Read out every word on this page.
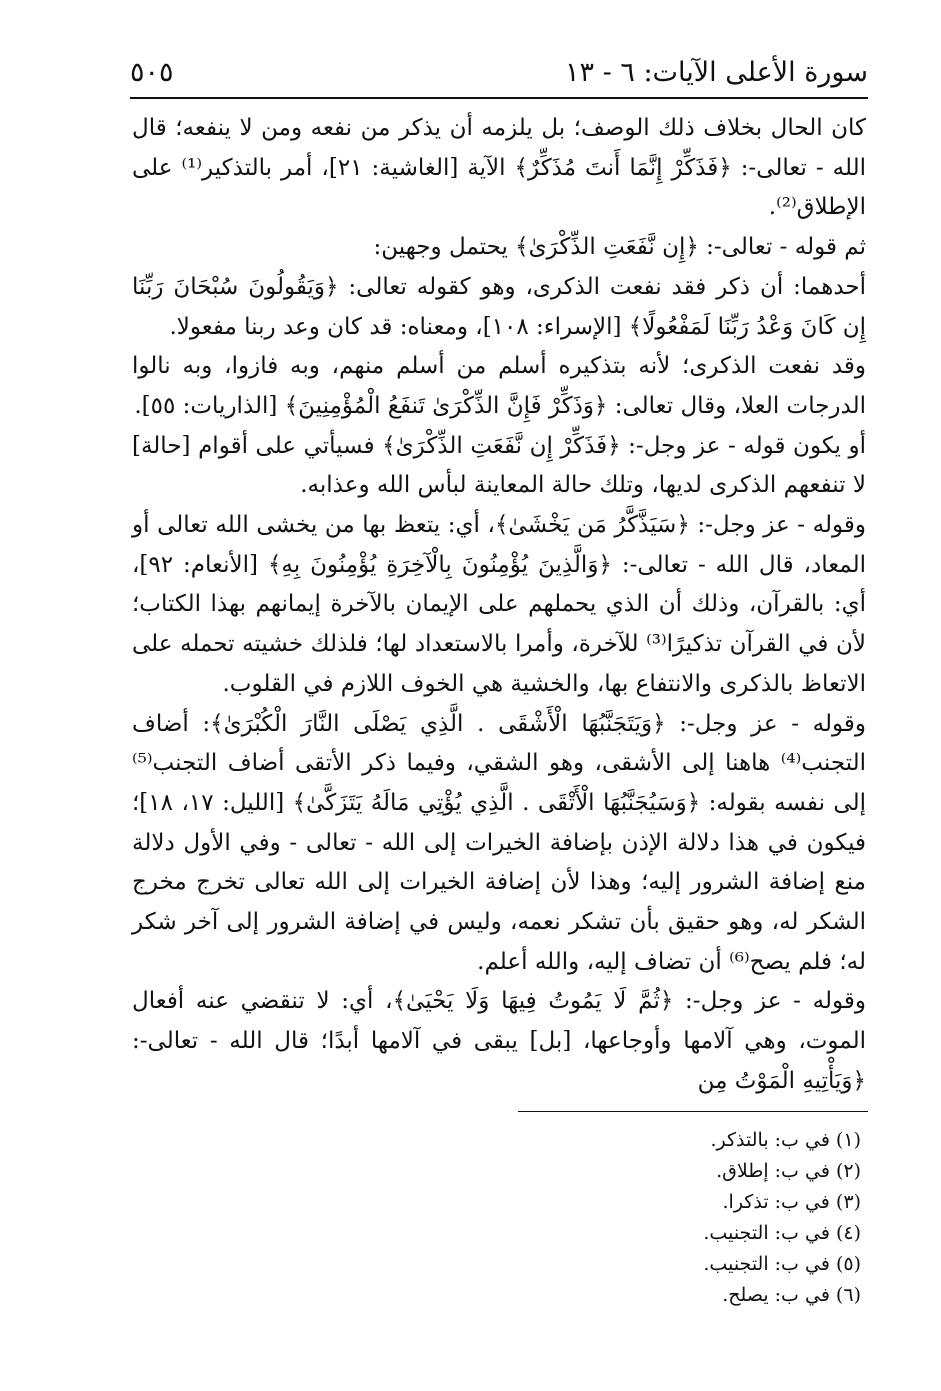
سورة الأعلى الآيات: ٦ - ١٣
٥٠٥

كان الحال بخلاف ذلك الوصف؛ بل يلزمه أن يذكر من نفعه ومن لا ينفعه؛ قال الله - تعالى-: ﴿فَذَكِّرْ إِنَّمَا أَنتَ مُذَكِّرٌ﴾ الآية [الغاشية: ٢١]، أمر بالتذكير⁽¹⁾ على الإطلاق⁽²⁾.

ثم قوله - تعالى-: ﴿إِن نَّفَعَتِ الذِّكْرَىٰ﴾ يحتمل وجهين:

أحدهما: أن ذكر فقد نفعت الذكرى، وهو كقوله تعالى: ﴿وَيَقُولُونَ سُبْحَانَ رَبِّنَا إِن كَانَ وَعْدُ رَبِّنَا لَمَفْعُولًا﴾ [الإسراء: ١٠٨]، ومعناه: قد كان وعد ربنا مفعولا.

وقد نفعت الذكرى؛ لأنه بتذكيره أسلم من أسلم منهم، وبه فازوا، وبه نالوا الدرجات العلا، وقال تعالى: ﴿وَذَكِّرْ فَإِنَّ الذِّكْرَىٰ تَنفَعُ الْمُؤْمِنِينَ﴾ [الذاريات: ٥٥].

أو يكون قوله - عز وجل-: ﴿فَذَكِّرْ إِن نَّفَعَتِ الذِّكْرَىٰ﴾ فسيأتي على أقوام [حالة] لا تنفعهم الذكرى لديها، وتلك حالة المعاينة لبأس الله وعذابه.

وقوله - عز وجل-: ﴿سَيَذَّكَّرُ مَن يَخْشَىٰ﴾، أي: يتعظ بها من يخشى الله تعالى أو المعاد، قال الله - تعالى-: ﴿وَالَّذِينَ يُؤْمِنُونَ بِالْآخِرَةِ يُؤْمِنُونَ بِهِ﴾ [الأنعام: ٩٢]، أي: بالقرآن، وذلك أن الذي يحملهم على الإيمان بالآخرة إيمانهم بهذا الكتاب؛ لأن في القرآن تذكيرًا⁽³⁾ للآخرة، وأمرا بالاستعداد لها؛ فلذلك خشيته تحمله على الاتعاظ بالذكرى والانتفاع بها، والخشية هي الخوف اللازم في القلوب.

وقوله - عز وجل-: ﴿وَيَتَجَنَّبُهَا الْأَشْقَى . الَّذِي يَصْلَى النَّارَ الْكُبْرَىٰ﴾: أضاف التجنب⁽⁴⁾ هاهنا إلى الأشقى، وهو الشقي، وفيما ذكر الأتقى أضاف التجنب⁽⁵⁾ إلى نفسه بقوله: ﴿وَسَيُجَنَّبُهَا الْأَتْقَى . الَّذِي يُؤْتِي مَالَهُ يَتَزَكَّىٰ﴾ [الليل: ١٧، ١٨]؛ فيكون في هذا دلالة الإذن بإضافة الخيرات إلى الله - تعالى - وفي الأول دلالة منع إضافة الشرور إليه؛ وهذا لأن إضافة الخيرات إلى الله تعالى تخرج مخرج الشكر له، وهو حقيق بأن تشكر نعمه، وليس في إضافة الشرور إلى آخر شكر له؛ فلم يصح⁽⁶⁾ أن تضاف إليه، والله أعلم.

وقوله - عز وجل-: ﴿ثُمَّ لَا يَمُوتُ فِيهَا وَلَا يَحْيَىٰ﴾، أي: لا تنقضي عنه أفعال الموت، وهي آلامها وأوجاعها، [بل] يبقى في آلامها أبدًا؛ قال الله - تعالى-: ﴿وَيَأْتِيهِ الْمَوْتُ مِن

(١) في ب: بالتذكر.
(٢) في ب: إطلاق.
(٣) في ب: تذكرا.
(٤) في ب: التجنيب.
(٥) في ب: التجنيب.
(٦) في ب: يصلح.
